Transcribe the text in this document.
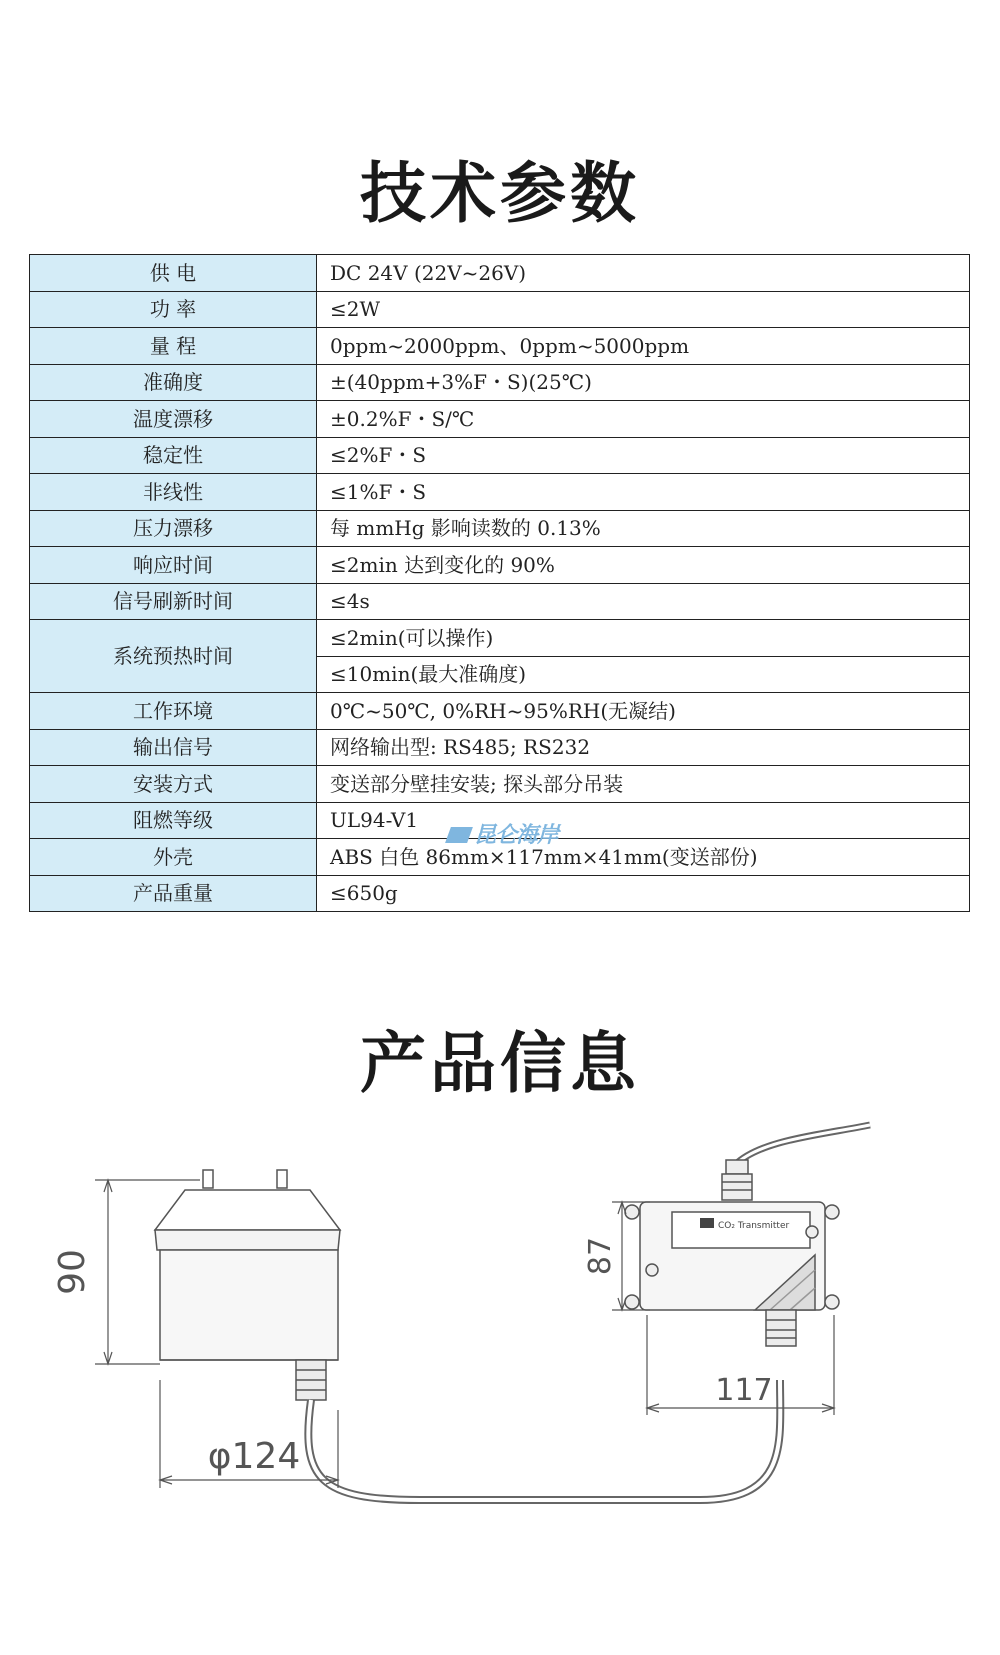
技术参数
供 电	DC 24V (22V~26V)
功 率	≤2W
量 程	0ppm~2000ppm、0ppm~5000ppm
准确度	±(40ppm+3%F・S)(25℃)
温度漂移	±0.2%F・S/℃
稳定性	≤2%F・S
非线性	≤1%F・S
压力漂移	每 mmHg 影响读数的 0.13%
响应时间	≤2min 达到变化的 90%
信号刷新时间	≤4s
系统预热时间	≤2min(可以操作)
	≤10min(最大准确度)
工作环境	0℃~50℃, 0%RH~95%RH(无凝结)
输出信号	网络输出型: RS485; RS232
安装方式	变送部分壁挂安装; 探头部分吊装
阻燃等级	UL94-V1
外壳	ABS 白色 86mm×117mm×41mm(变送部份)
产品重量	≤650g
昆仑海岸
产品信息
90
φ124
CO₂ Transmitter
87
117
